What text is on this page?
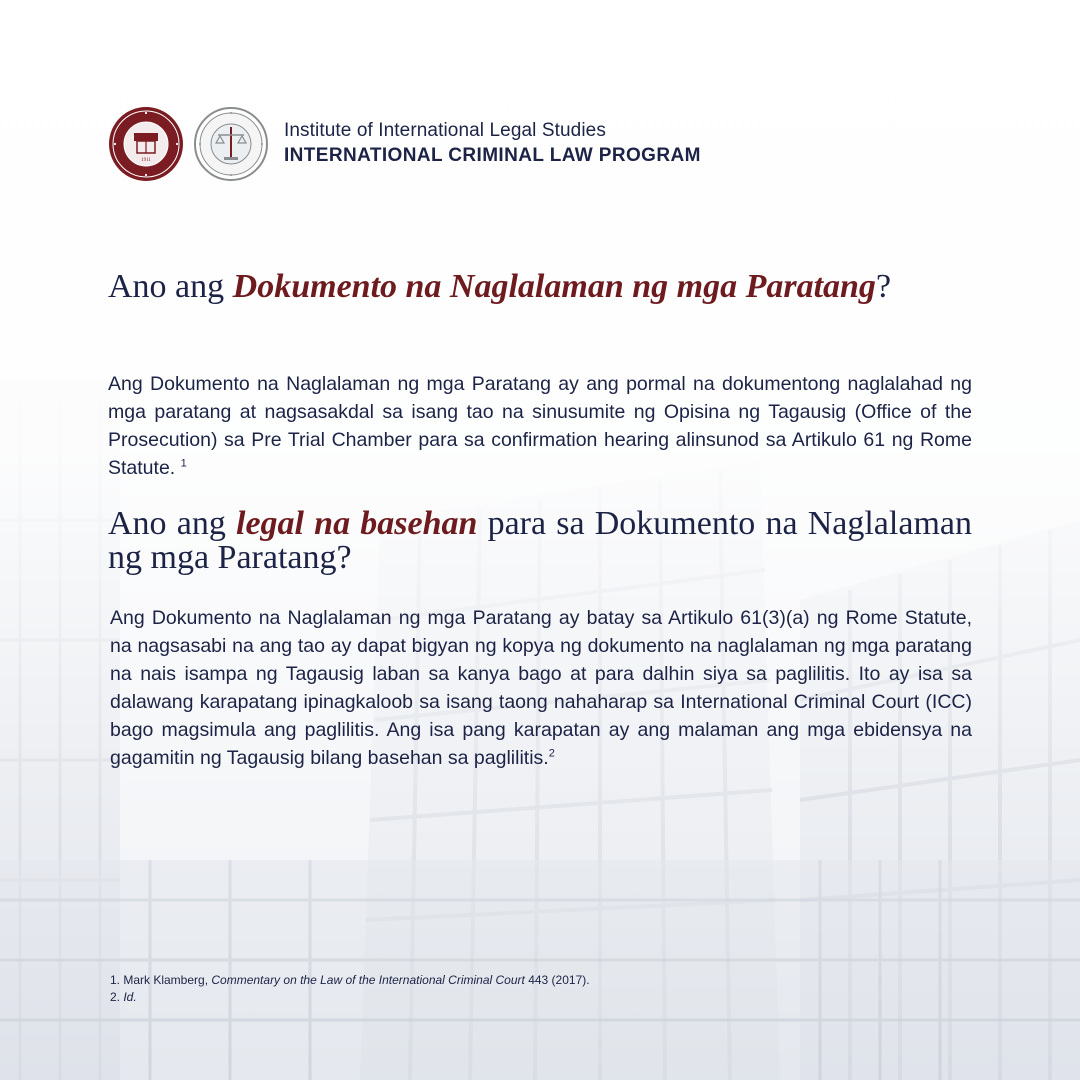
1911
Institute of International Legal Studies
INTERNATIONAL CRIMINAL LAW PROGRAM
Ano ang Dokumento na Naglalaman ng mga Paratang?

Ang Dokumento na Naglalaman ng mga Paratang ay ang pormal na dokumentong naglalahad ng mga paratang at nagsasakdal sa isang tao na sinusumite ng Opisina ng Tagausig (Office of the Prosecution) sa Pre Trial Chamber para sa confirmation hearing alinsunod sa Artikulo 61 ng Rome Statute. $^1$

Ano ang legal na basehan para sa Dokumento na Naglalaman ng mga Paratang?

Ang Dokumento na Naglalaman ng mga Paratang ay batay sa Artikulo 61(3)(a) ng Rome Statute, na nagsasabi na ang tao ay dapat bigyan ng kopya ng dokumento na naglalaman ng mga paratang na nais isampa ng Tagausig laban sa kanya bago at para dalhin siya sa paglilitis. Ito ay isa sa dalawang karapatang ipinagkaloob sa isang taong nahaharap sa International Criminal Court (ICC) bago magsimula ang paglilitis. Ang isa pang karapatan ay ang malaman ang mga ebidensya na gagamitin ng Tagausig bilang basehan sa paglilitis.$^2$

1. Mark Klamberg, Commentary on the Law of the International Criminal Court 443 (2017).
2. Id.
